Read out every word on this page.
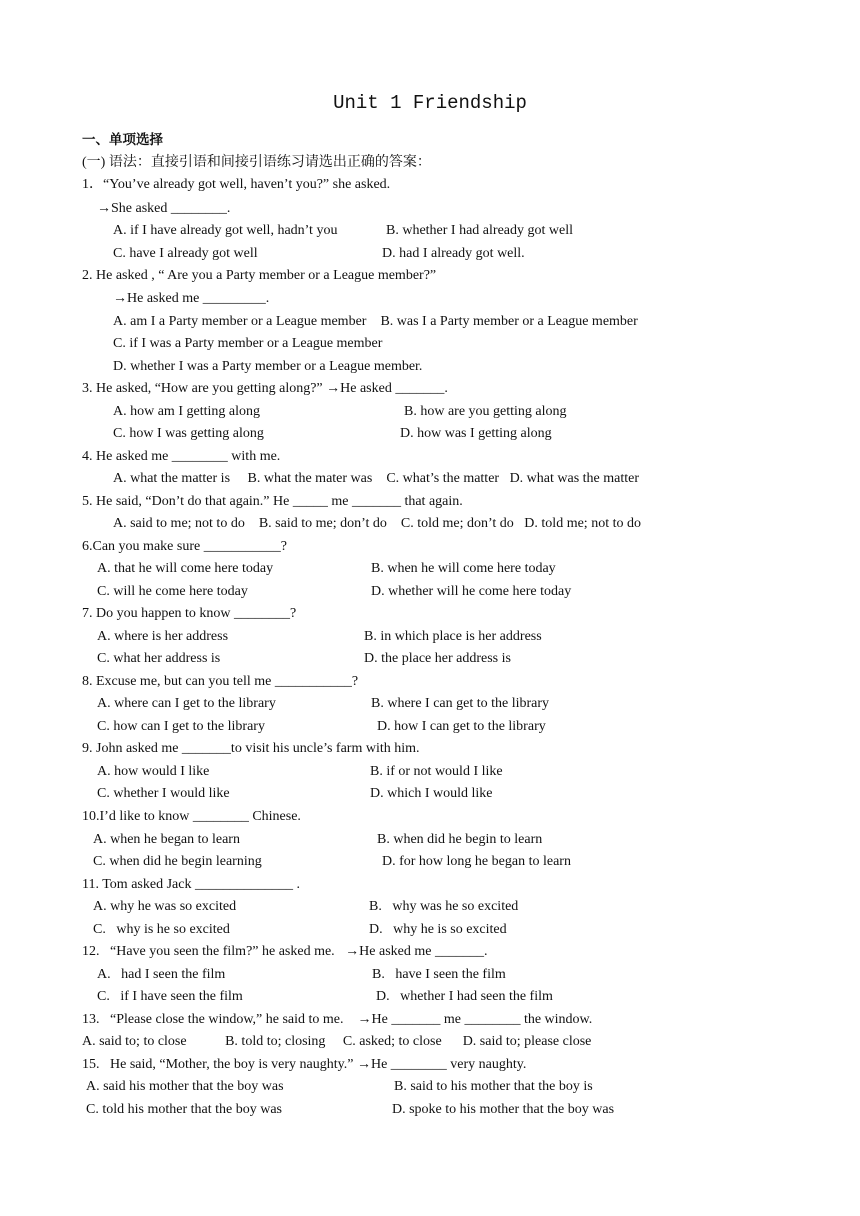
Unit 1 Friendship
一、单项选择
(一) 语法：直接引语和间接引语练习请选出正确的答案：
1．“You’ve already got well, haven’t you?” she asked.
→She asked ________.
A. if I have already got well, hadn’t you	B. whether I had already got well
C. have I already got well	D. had I already got well.
2. He asked , “ Are you a Party member or a League member?”
→He asked me _________.
A. am I a Party member or a League member    B. was I a Party member or a League member
C. if I was a Party member or a League member
D. whether I was a Party member or a League member.
3. He asked, “How are you getting along?” →He asked _______.
A. how am I getting along	B. how are you getting along
C. how I was getting along	D. how was I getting along
4. He asked me ________ with me.
A. what the matter is     B. what the mater was    C. what’s the matter   D. what was the matter
5. He said, “Don’t do that again.” He _____ me _______ that again.
A. said to me; not to do    B. said to me; don’t do    C. told me; don’t do   D. told me; not to do
6.Can you make sure ___________?
A. that he will come here today	B. when he will come here today
C. will he come here today	D. whether will he come here today
7. Do you happen to know ________?
A. where is her address	B. in which place is her address
C. what her address is	D. the place her address is
8. Excuse me, but can you tell me ___________?
A. where can I get to the library	B. where I can get to the library
C. how can I get to the library	D. how I can get to the library
9. John asked me _______to visit his uncle’s farm with him.
A. how would I like	B. if or not would I like
C. whether I would like	D. which I would like
10.I’d like to know ________ Chinese.
A. when he began to learn	B. when did he begin to learn
C. when did he begin learning	D. for how long he began to learn
11. Tom asked Jack ______________ .
A. why he was so excited	B.   why was he so excited
C.   why is he so excited	D.   why he is so excited
12.   “Have you seen the film?” he asked me.   →He asked me _______.
A.   had I seen the film	B.   have I seen the film
C.   if I have seen the film	D.   whether I had seen the film
13.   “Please close the window,” he said to me.    →He _______ me ________ the window.
A. said to; to close           B. told to; closing     C. asked; to close      D. said to; please close
15.   He said, “Mother, the boy is very naughty.” →He ________ very naughty.
A. said his mother that the boy was	B. said to his mother that the boy is
C. told his mother that the boy was	D. spoke to his mother that the boy was
